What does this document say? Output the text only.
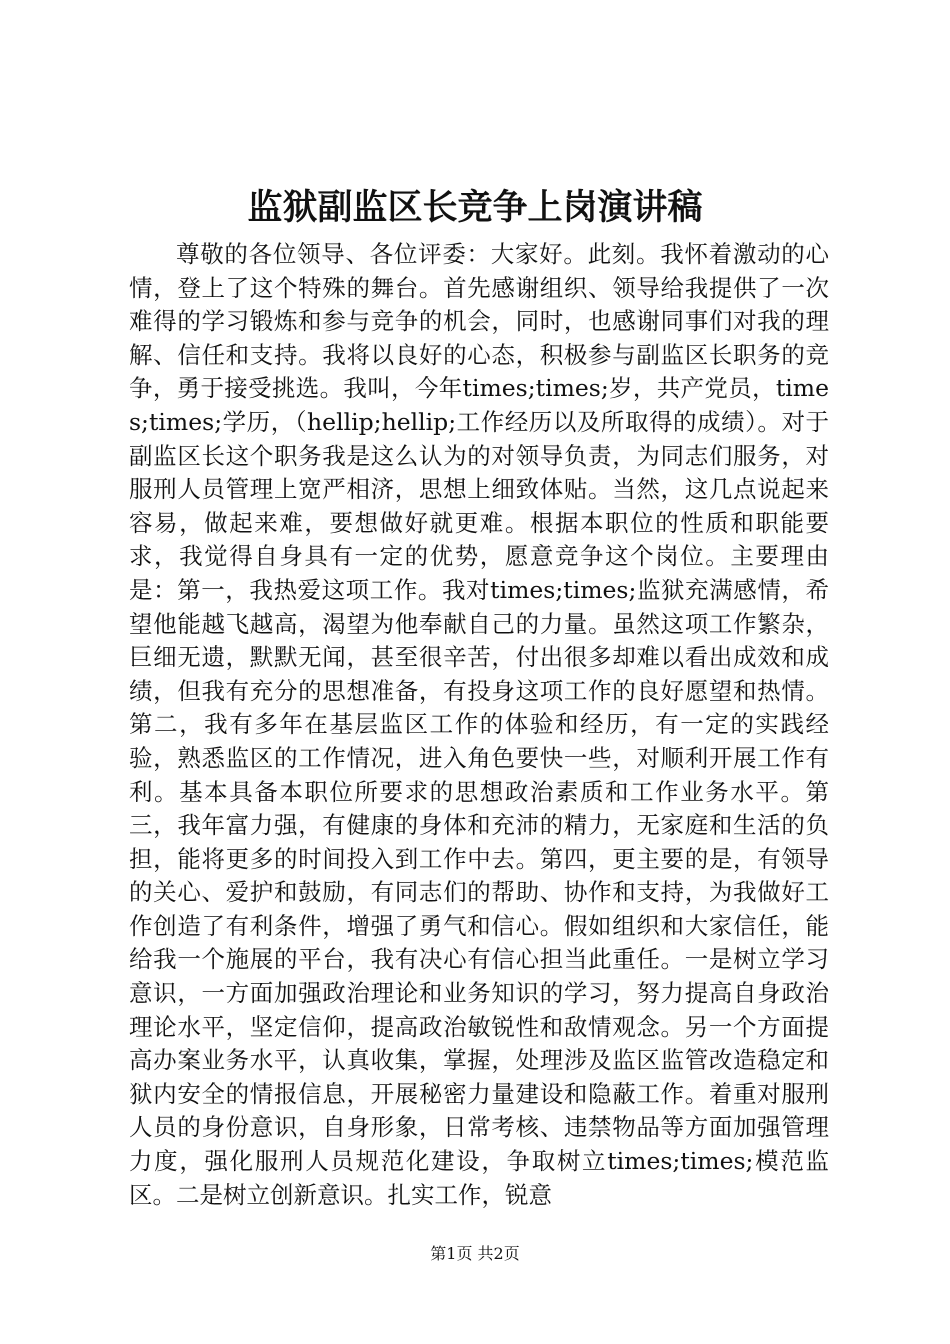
监狱副监区长竞争上岗演讲稿

尊敬的各位领导、各位评委：大家好。此刻。我怀着激动的心情，登上了这个特殊的舞台。首先感谢组织、领导给我提供了一次难得的学习锻炼和参与竞争的机会，同时，也感谢同事们对我的理解、信任和支持。我将以良好的心态，积极参与副监区长职务的竞争，勇于接受挑选。我叫，今年times;times;岁，共产党员，times;times;学历，（hellip;hellip;工作经历以及所取得的成绩）。对于副监区长这个职务我是这么认为的对领导负责，为同志们服务，对服刑人员管理上宽严相济，思想上细致体贴。当然，这几点说起来容易，做起来难，要想做好就更难。根据本职位的性质和职能要求，我觉得自身具有一定的优势，愿意竞争这个岗位。主要理由是：第一，我热爱这项工作。我对times;times;监狱充满感情，希望他能越飞越高，渴望为他奉献自己的力量。虽然这项工作繁杂，巨细无遗，默默无闻，甚至很辛苦，付出很多却难以看出成效和成绩，但我有充分的思想准备，有投身这项工作的良好愿望和热情。第二，我有多年在基层监区工作的体验和经历，有一定的实践经验，熟悉监区的工作情况，进入角色要快一些，对顺利开展工作有利。基本具备本职位所要求的思想政治素质和工作业务水平。第三，我年富力强，有健康的身体和充沛的精力，无家庭和生活的负担，能将更多的时间投入到工作中去。第四，更主要的是，有领导的关心、爱护和鼓励，有同志们的帮助、协作和支持，为我做好工作创造了有利条件，增强了勇气和信心。假如组织和大家信任，能给我一个施展的平台，我有决心有信心担当此重任。一是树立学习意识，一方面加强政治理论和业务知识的学习，努力提高自身政治理论水平，坚定信仰，提高政治敏锐性和敌情观念。另一个方面提高办案业务水平，认真收集，掌握，处理涉及监区监管改造稳定和狱内安全的情报信息，开展秘密力量建设和隐蔽工作。着重对服刑人员的身份意识，自身形象，日常考核、违禁物品等方面加强管理力度，强化服刑人员规范化建设，争取树立times;times;模范监区。二是树立创新意识。扎实工作，锐意

第1页 共2页
